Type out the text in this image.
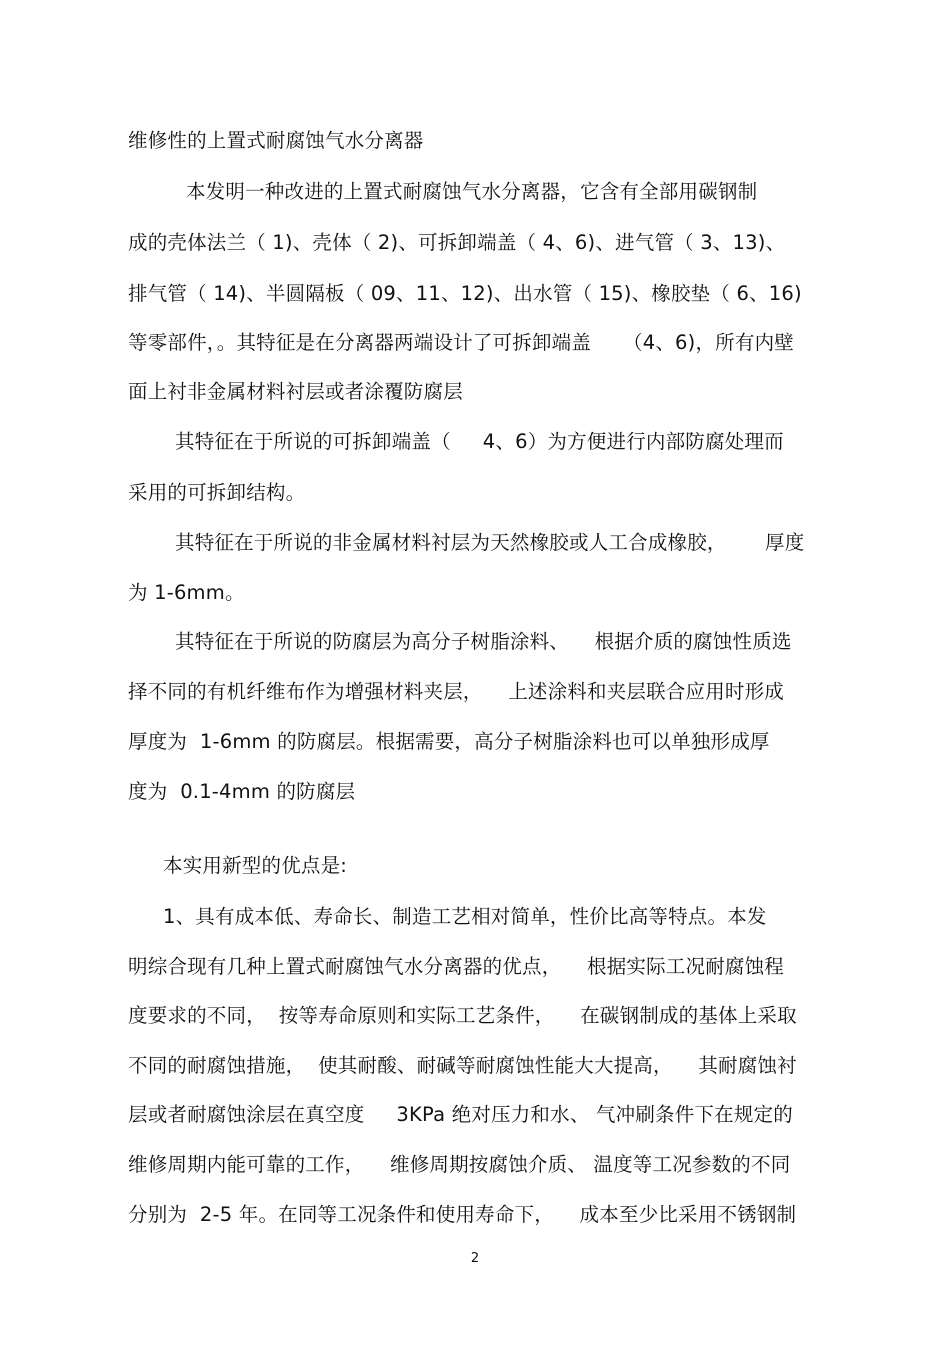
维修性的上置式耐腐蚀气水分离器
本发明一种改进的上置式耐腐蚀气水分离器，它含有全部用碳钢制
成的壳体法兰（ 1)、壳体（ 2)、可拆卸端盖（ 4、6)、进气管（ 3、13)、
排气管（ 14)、半圆隔板（ 09、11、12)、出水管（ 15)、橡胶垫（ 6、16)
等零部件，。其特征是在分离器两端设计了可拆卸端盖     （4、6)，所有内壁
面上衬非金属材料衬层或者涂覆防腐层
其特征在于所说的可拆卸端盖（     4、6）为方便进行内部防腐处理而
采用的可拆卸结构。
其特征在于所说的非金属材料衬层为天然橡胶或人工合成橡胶，      厚度
为 1-6mm。
其特征在于所说的防腐层为高分子树脂涂料、    根据介质的腐蚀性质选
择不同的有机纤维布作为增强材料夹层，    上述涂料和夹层联合应用时形成
厚度为  1-6mm 的防腐层。根据需要，高分子树脂涂料也可以单独形成厚
度为  0.1-4mm 的防腐层
本实用新型的优点是:
1、具有成本低、寿命长、制造工艺相对简单，性价比高等特点。本发
明综合现有几种上置式耐腐蚀气水分离器的优点，    根据实际工况耐腐蚀程
度要求的不同，  按等寿命原则和实际工艺条件，    在碳钢制成的基体上采取
不同的耐腐蚀措施，  使其耐酸、耐碱等耐腐蚀性能大大提高，    其耐腐蚀衬
层或者耐腐蚀涂层在真空度     3KPa 绝对压力和水、 气冲刷条件下在规定的
维修周期内能可靠的工作，    维修周期按腐蚀介质、 温度等工况参数的不同
分别为  2-5 年。在同等工况条件和使用寿命下，    成本至少比采用不锈钢制
2
